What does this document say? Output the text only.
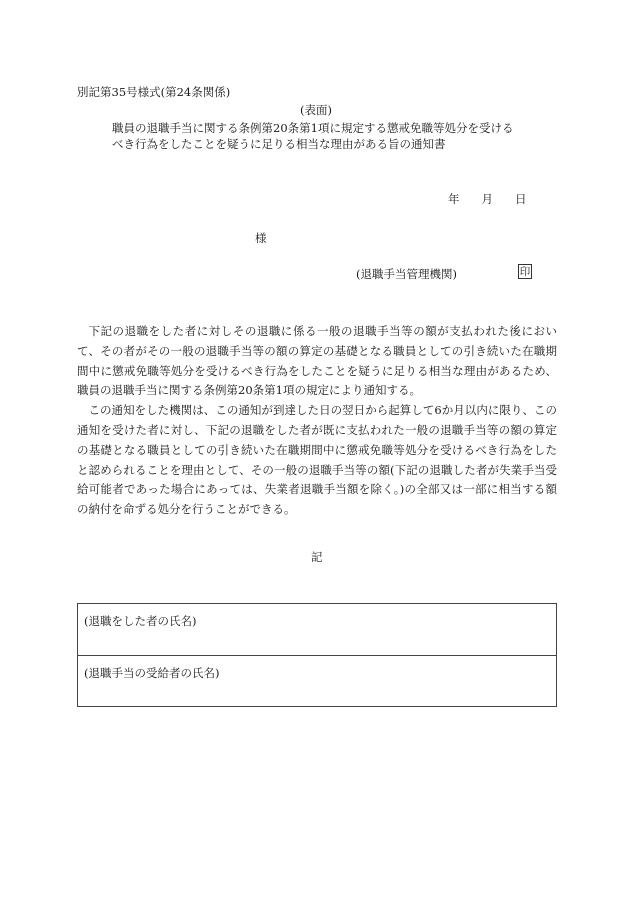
別記第35号様式(第24条関係)
(表面)
職員の退職手当に関する条例第20条第1項に規定する懲戒免職等処分を受ける
べき行為をしたことを疑うに足りる相当な理由がある旨の通知書
年 月 日
様
(退職手当管理機関)	印

下記の退職をした者に対しその退職に係る一般の退職手当等の額が支払われた後において、その者がその一般の退職手当等の額の算定の基礎となる職員としての引き続いた在職期間中に懲戒免職等処分を受けるべき行為をしたことを疑うに足りる相当な理由があるため、職員の退職手当に関する条例第20条第1項の規定により通知する。

この通知をした機関は、この通知が到達した日の翌日から起算して6か月以内に限り、この通知を受けた者に対し、下記の退職をした者が既に支払われた一般の退職手当等の額の算定の基礎となる職員としての引き続いた在職期間中に懲戒免職等処分を受けるべき行為をしたと認められることを理由として、その一般の退職手当等の額(下記の退職した者が失業手当受給可能者であった場合にあっては、失業者退職手当額を除く。)の全部又は一部に相当する額の納付を命ずる処分を行うことができる。

記
(退職をした者の氏名)
(退職手当の受給者の氏名)
